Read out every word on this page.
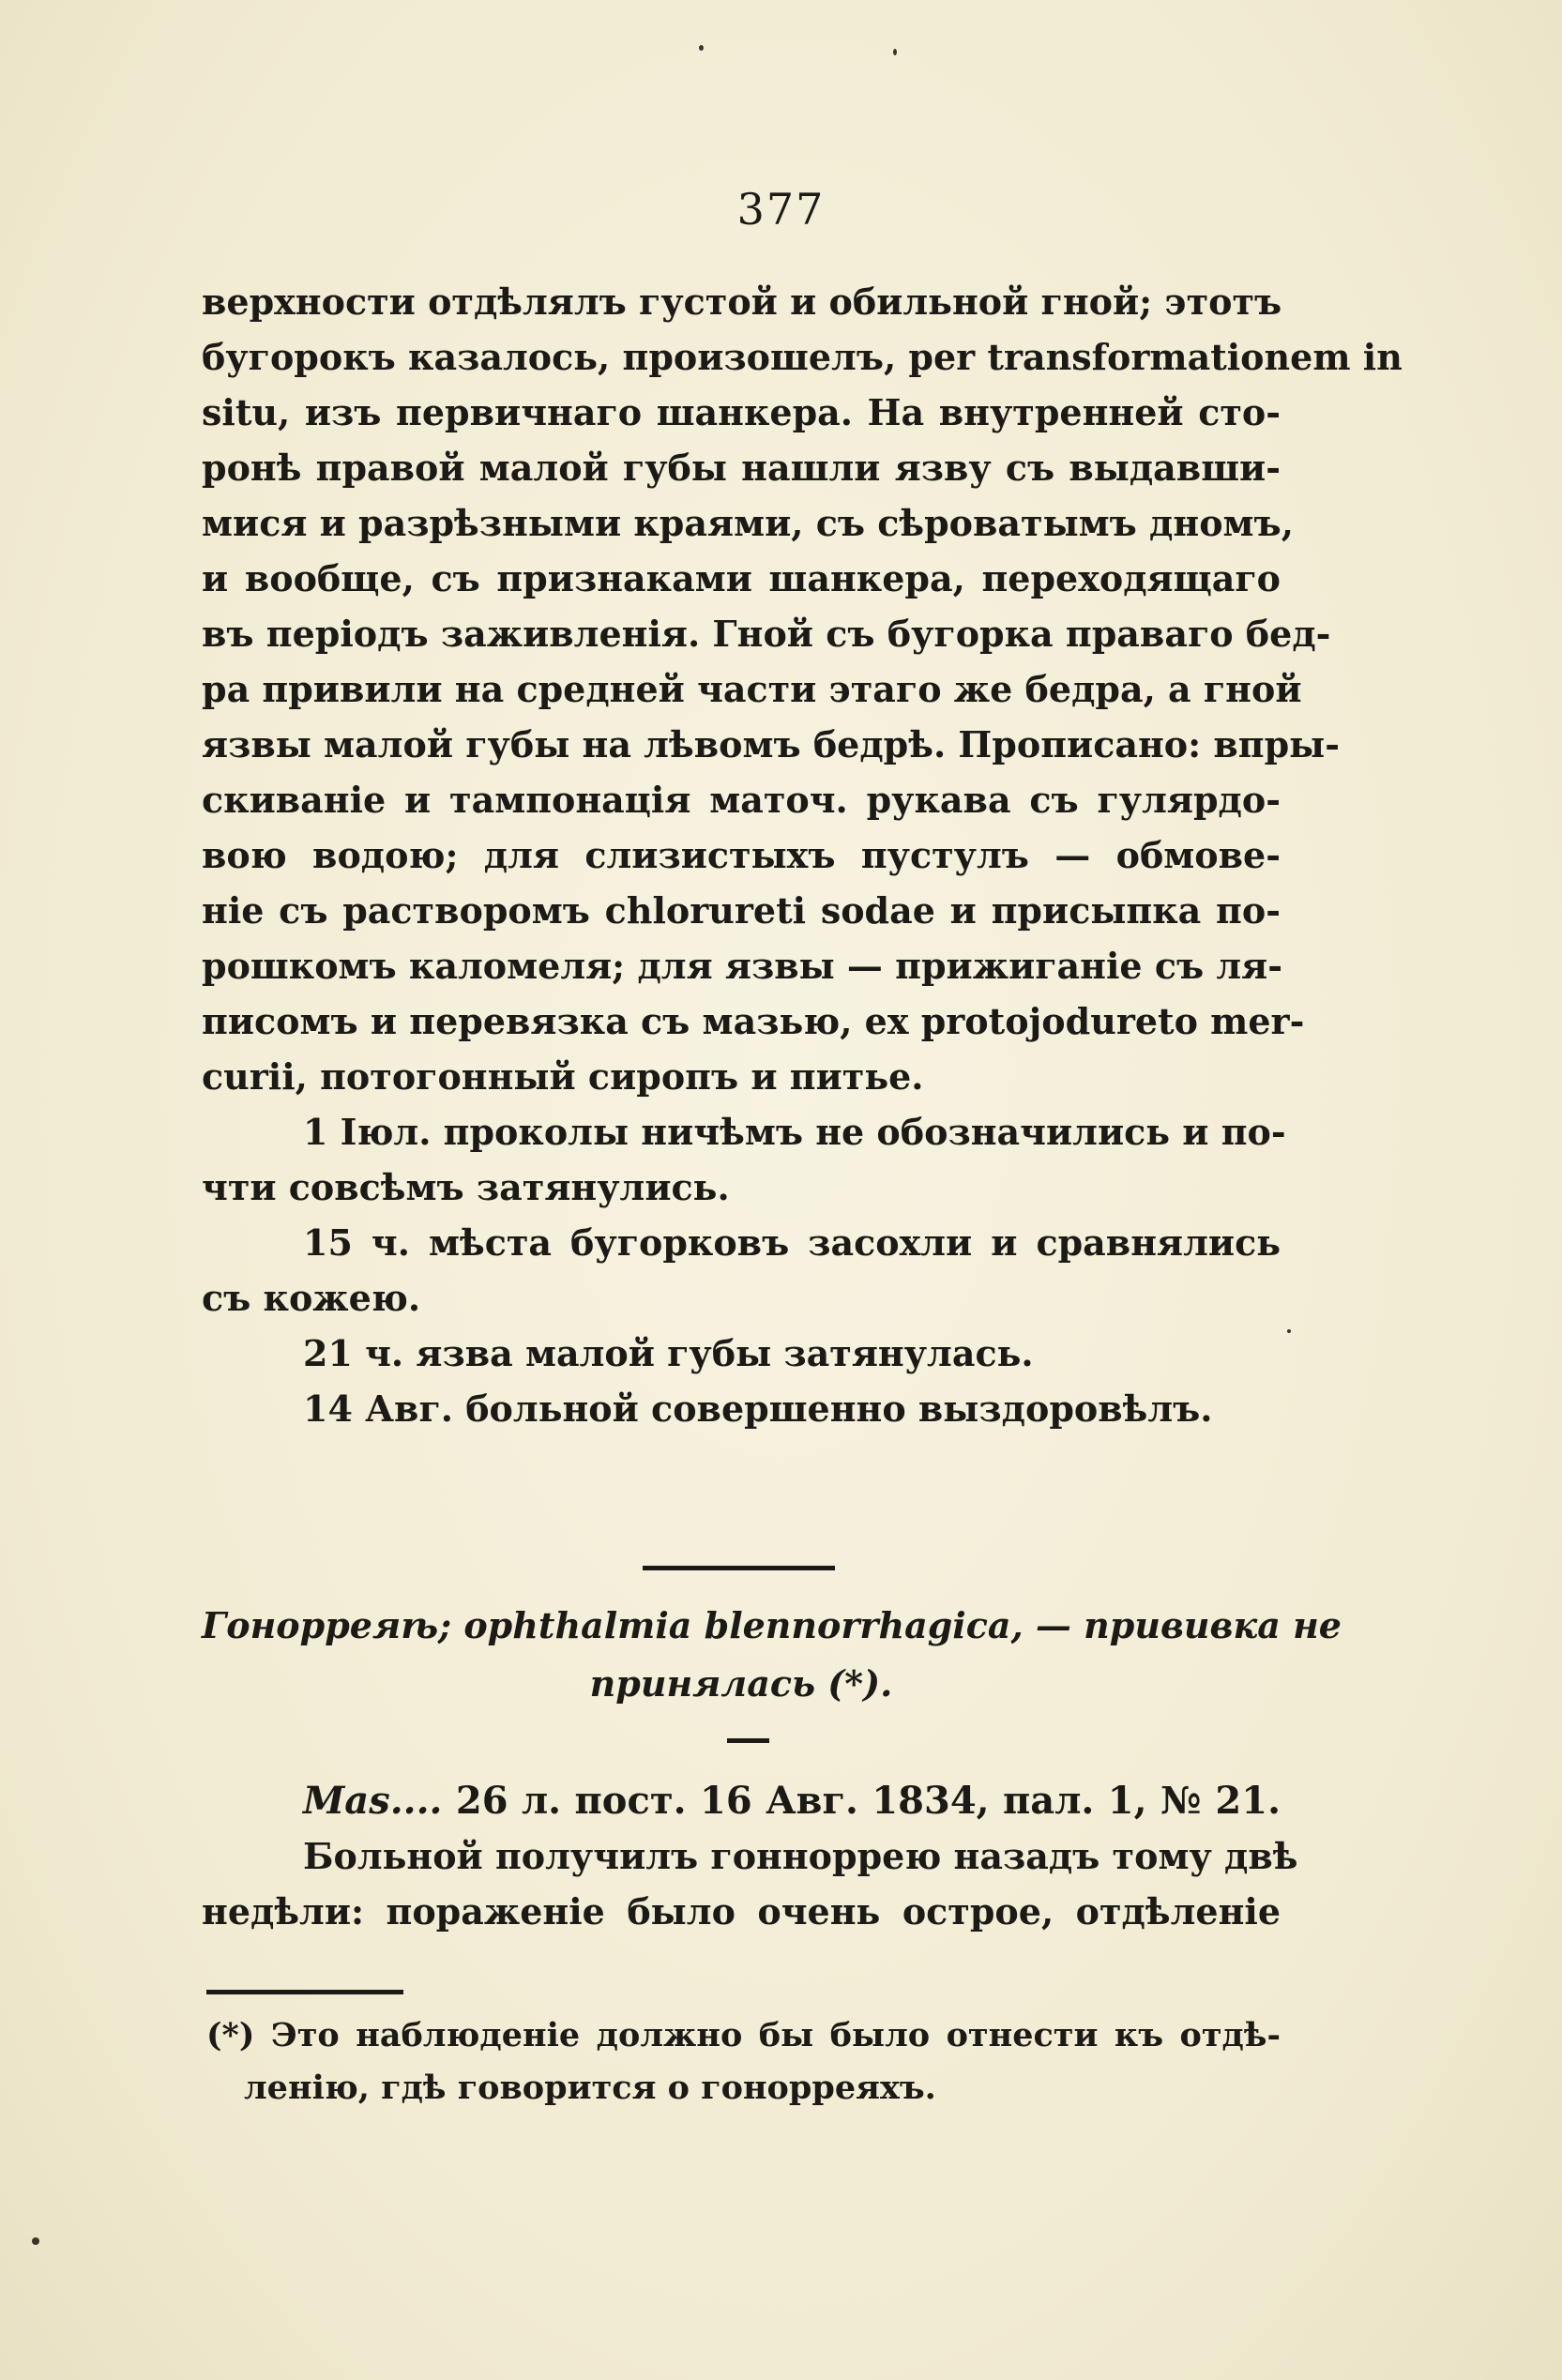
377
верхности отдѣлялъ густой и обильной гной; этотъ
бугорокъ казалось, произошелъ, per transformationem in
situ, изъ первичнаго шанкера. На внутренней сто-
ронѣ правой малой губы нашли язву съ выдавши-
мися и разрѣзными краями, съ сѣроватымъ дномъ,
и вообще, съ признаками шанкера, переходящаго
въ періодъ заживленія. Гной съ бугорка праваго бед-
ра привили на средней части этаго же бедра, а гной
язвы малой губы на лѣвомъ бедрѣ. Прописано: впры-
скиваніе и тампонація маточ. рукава съ гулярдо-
вою водою; для слизистыхъ пустулъ — обмове-
ніе съ растворомъ chlorureti sodae и присыпка по-
рошкомъ каломеля; для язвы — прижиганіе съ ля-
писомъ и перевязка съ мазью, ex protojodureto mer-
curii, потогонный сиропъ и питье.
1 Іюл. проколы ничѣмъ не обозначились и по-
чти совсѣмъ затянулись.
15 ч. мѣста бугорковъ засохли и сравнялись
съ кожею.
21 ч. язва малой губы затянулась.
14 Авг. больной совершенно выздоровѣлъ.
Гонорреяѣ; ophthalmia blennorrhagica, — прививка не
принялась (*).
Mas.... 26 л. пост. 16 Авг. 1834, пал. 1, № 21.
Больной получилъ гонноррею назадъ тому двѣ
недѣли: пораженіе было очень острое, отдѣленіе
(*) Это наблюденіе должно бы было отнести къ отдѣ-
ленію, гдѣ говорится о гонорреяхъ.
